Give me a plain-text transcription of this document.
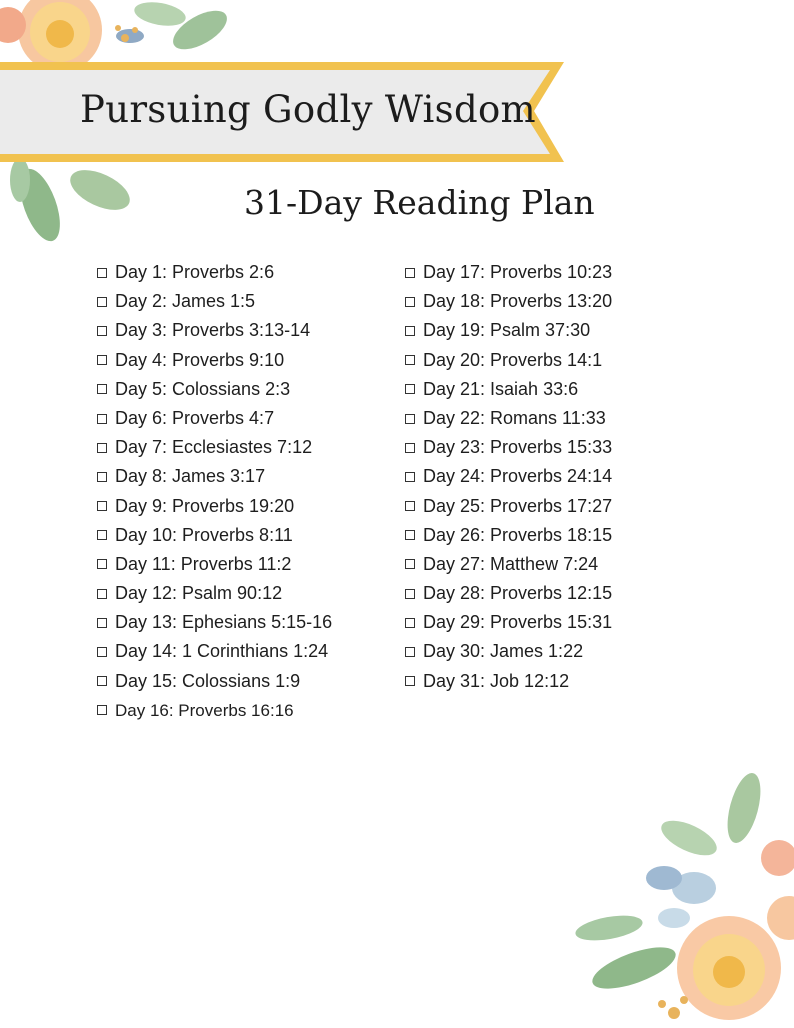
Pursuing Godly Wisdom
31-Day Reading Plan
Day 1: Proverbs 2:6
Day 2: James 1:5
Day 3: Proverbs 3:13-14
Day 4: Proverbs 9:10
Day 5: Colossians 2:3
Day 6: Proverbs 4:7
Day 7: Ecclesiastes 7:12
Day 8: James 3:17
Day 9: Proverbs 19:20
Day 10: Proverbs 8:11
Day 11: Proverbs 11:2
Day 12: Psalm 90:12
Day 13: Ephesians 5:15-16
Day 14: 1 Corinthians 1:24
Day 15: Colossians 1:9
Day 16: Proverbs 16:16
Day 17: Proverbs 10:23
Day 18: Proverbs 13:20
Day 19: Psalm 37:30
Day 20: Proverbs 14:1
Day 21: Isaiah 33:6
Day 22: Romans 11:33
Day 23: Proverbs 15:33
Day 24: Proverbs 24:14
Day 25: Proverbs 17:27
Day 26: Proverbs 18:15
Day 27: Matthew 7:24
Day 28: Proverbs 12:15
Day 29: Proverbs 15:31
Day 30: James 1:22
Day 31: Job 12:12
